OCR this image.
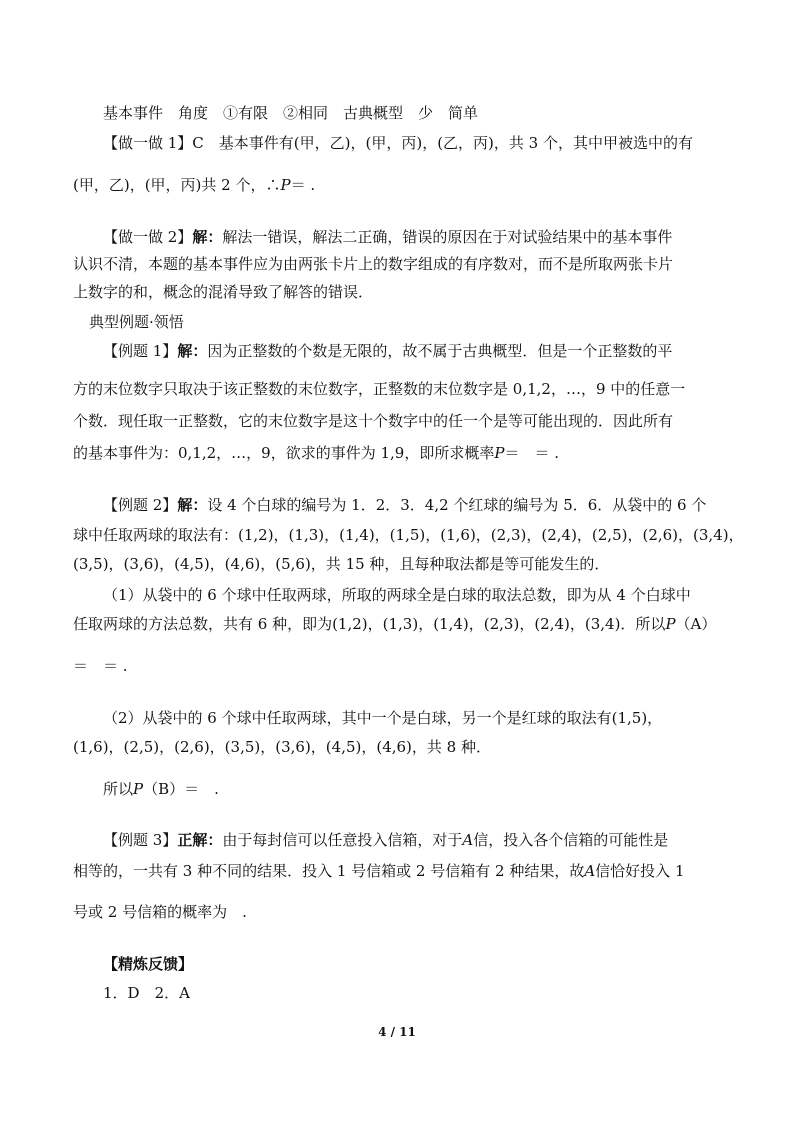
基本事件　角度　①有限　②相同　古典概型　少　简单
【做一做 1】C　基本事件有(甲，乙)，(甲，丙)，(乙，丙)，共 3 个，其中甲被选中的有
(甲，乙)，(甲，丙)共 2 个，∴P＝ .
【做一做 2】解：解法一错误，解法二正确，错误的原因在于对试验结果中的基本事件
认识不清，本题的基本事件应为由两张卡片上的数字组成的有序数对，而不是所取两张卡片
上数字的和，概念的混淆导致了解答的错误．
典型例题·领悟
【例题 1】解：因为正整数的个数是无限的，故不属于古典概型．但是一个正整数的平
方的末位数字只取决于该正整数的末位数字，正整数的末位数字是 0,1,2，…，9 中的任意一
个数．现任取一正整数，它的末位数字是这十个数字中的任一个是等可能出现的．因此所有
的基本事件为：0,1,2，…，9，欲求的事件为 1,9，即所求概率P＝　＝ .
【例题 2】解：设 4 个白球的编号为 1．2．3．4,2 个红球的编号为 5．6．从袋中的 6 个
球中任取两球的取法有：(1,2)，(1,3)，(1,4)，(1,5)，(1,6)，(2,3)，(2,4)，(2,5)，(2,6)，(3,4)，
(3,5)，(3,6)，(4,5)，(4,6)，(5,6)，共 15 种，且每种取法都是等可能发生的．
（1）从袋中的 6 个球中任取两球，所取的两球全是白球的取法总数，即为从 4 个白球中
任取两球的方法总数，共有 6 种，即为(1,2)，(1,3)，(1,4)，(2,3)，(2,4)，(3,4)．所以P（A）
＝　＝ .
（2）从袋中的 6 个球中任取两球，其中一个是白球，另一个是红球的取法有(1,5)，
(1,6)，(2,5)，(2,6)，(3,5)，(3,6)，(4,5)，(4,6)，共 8 种．
所以P（B）＝　.
【例题 3】正解：由于每封信可以任意投入信箱，对于A信，投入各个信箱的可能性是
相等的，一共有 3 种不同的结果．投入 1 号信箱或 2 号信箱有 2 种结果，故A信恰好投入 1
号或 2 号信箱的概率为　.
【精炼反馈】
1．D　2．A
4 / 11
